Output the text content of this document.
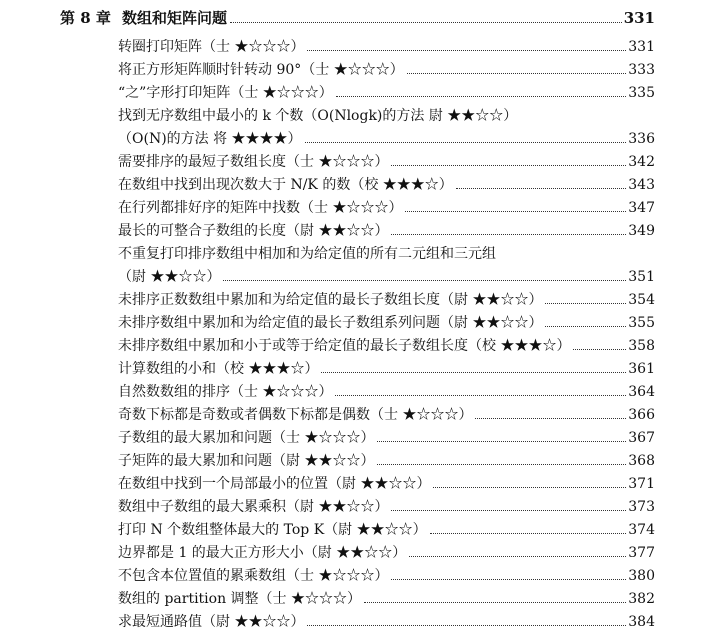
第 8 章 数组和矩阵问题	331
转圈打印矩阵（士 ★☆☆☆）	331
将正方形矩阵顺时针转动 90°（士 ★☆☆☆）	333
“之”字形打印矩阵（士 ★☆☆☆）	335
找到无序数组中最小的 k 个数（O(Nlogk)的方法 尉 ★★☆☆）
（O(N)的方法 将 ★★★★）	336
需要排序的最短子数组长度（士 ★☆☆☆）	342
在数组中找到出现次数大于 N/K 的数（校 ★★★☆）	343
在行列都排好序的矩阵中找数（士 ★☆☆☆）	347
最长的可整合子数组的长度（尉 ★★☆☆）	349
不重复打印排序数组中相加和为给定值的所有二元组和三元组
（尉 ★★☆☆）	351
未排序正数数组中累加和为给定值的最长子数组长度（尉 ★★☆☆）	354
未排序数组中累加和为给定值的最长子数组系列问题（尉 ★★☆☆）	355
未排序数组中累加和小于或等于给定值的最长子数组长度（校 ★★★☆）	358
计算数组的小和（校 ★★★☆）	361
自然数数组的排序（士 ★☆☆☆）	364
奇数下标都是奇数或者偶数下标都是偶数（士 ★☆☆☆）	366
子数组的最大累加和问题（士 ★☆☆☆）	367
子矩阵的最大累加和问题（尉 ★★☆☆）	368
在数组中找到一个局部最小的位置（尉 ★★☆☆）	371
数组中子数组的最大累乘积（尉 ★★☆☆）	373
打印 N 个数组整体最大的 Top K（尉 ★★☆☆）	374
边界都是 1 的最大正方形大小（尉 ★★☆☆）	377
不包含本位置值的累乘数组（士 ★☆☆☆）	380
数组的 partition 调整（士 ★☆☆☆）	382
求最短通路值（尉 ★★☆☆）	384
